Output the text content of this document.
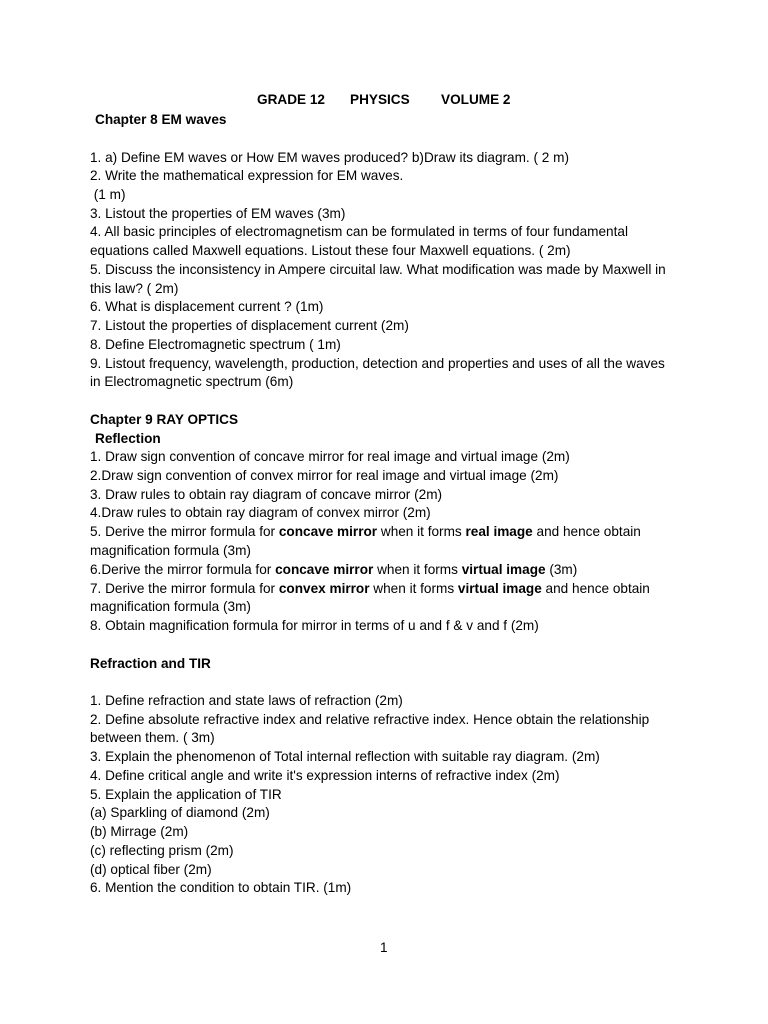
GRADE 12 PHYSICS VOLUME 2
Chapter 8 EM waves
1. a) Define EM waves or How EM waves produced? b)Draw its diagram. ( 2 m)
2. Write the mathematical expression for EM waves.
(1 m)
3. Listout the properties of EM waves (3m)
4. All basic principles of electromagnetism can be formulated in terms of four fundamental
equations called Maxwell equations. Listout these four Maxwell equations. ( 2m)
5. Discuss the inconsistency in Ampere circuital law. What modification was made by Maxwell in
this law? ( 2m)
6. What is displacement current ? (1m)
7. Listout the properties of displacement current (2m)
8. Define Electromagnetic spectrum ( 1m)
9. Listout frequency, wavelength, production, detection and properties and uses of all the waves
in Electromagnetic spectrum (6m)
Chapter 9 RAY OPTICS
Reflection
1. Draw sign convention of concave mirror for real image and virtual image (2m)
2.Draw sign convention of convex mirror for real image and virtual image (2m)
3. Draw rules to obtain ray diagram of concave mirror (2m)
4.Draw rules to obtain ray diagram of convex mirror (2m)
5. Derive the mirror formula for concave mirror when it forms real image and hence obtain
magnification formula (3m)
6.Derive the mirror formula for concave mirror when it forms virtual image (3m)
7. Derive the mirror formula for convex mirror when it forms virtual image and hence obtain
magnification formula (3m)
8. Obtain magnification formula for mirror in terms of u and f & v and f (2m)
Refraction and TIR
1. Define refraction and state laws of refraction (2m)
2. Define absolute refractive index and relative refractive index. Hence obtain the relationship
between them. ( 3m)
3. Explain the phenomenon of Total internal reflection with suitable ray diagram. (2m)
4. Define critical angle and write it's expression interns of refractive index (2m)
5. Explain the application of TIR
(a) Sparkling of diamond (2m)
(b) Mirrage (2m)
(c) reflecting prism (2m)
(d) optical fiber (2m)
6. Mention the condition to obtain TIR. (1m)
1
